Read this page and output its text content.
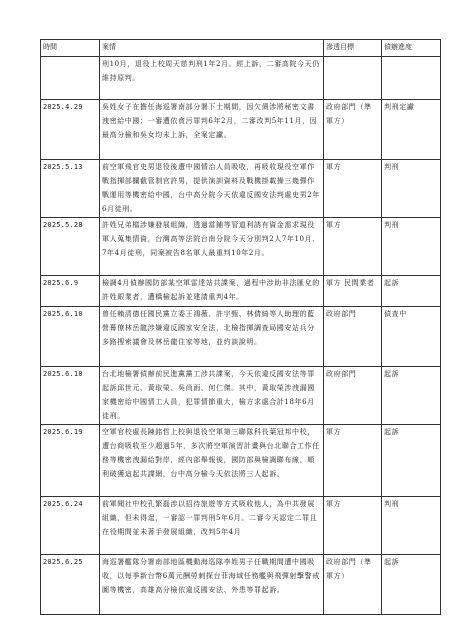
時間	案情	滲透目標	偵辦進度
	刑10月，退役上校周天慈判刑1年2月。經上訴，二審高院今天仍維持原判。		
2025.4.29	吳姓女子在擔任海巡署南部分署下士期間，因欠債涉將秘密文書洩密給中國；一審遭依貪污罪判6年2月，二審改判5年11月，因最高分檢和吳女均未上訴，全案定讞。	政府部門（準軍方）	判刑定讞
2025.5.13	前空軍飛官史男退役後遭中國情治人員吸收，再吸收現役空軍作戰指揮部攔截管制官許男，提供演訓資料及戰機掛載操三幾彈作戰運用等機密給中國，台中高分院今天依違反國安法判處史男2年6月徒刑。	軍方	判刑
2025.5.28	許姓兄弟檔涉嫌發展組織，透過當鋪等管道利誘有資金需求現役軍人蒐集情資，台灣高等法院台南分院今天分別判2人7年10月、7年4月徒刑，同案被告8名軍人最重判10年2月。	軍方	判刑
2025.6.9	檢調4月偵辦國防部某空軍雷達站共諜案，過程中涉助非法匯兌的許姓銀業者，遭橋檢起訴並建請重判4年。	軍方 民間業者	起訴
2025.6.10	曾任賴清德任國民黨立委王鴻薇、許宇甄、林倩綺等人助理的藍營幕僚林岳龍涉嫌違反國家安全法，北檢指揮調查局國安站兵分多路搜索議會及林岳龍住家等地，並約談說明。	政府部門	偵查中
2025.6.10	台北地檢署偵辦前民進黨黨工涉共諜案，今天依違反國安法等罪起訴邱世元、黃取榮、吳尚雨、何仁傑。其中，黃取榮涉洩漏國家機密給中國情工人員，犯罪情節重大，檢方求處合計18年6月徒刑。	政府部門	起訴
2025.6.19	空軍官校處長陳銘哲上校與退役空軍第三聯隊科長葉冠邦中校，遭台商吸收至少超過5年，多次將空軍演習計畫與台北聯合工作任務等機密洩漏給對岸，經內部舉報後，國防部與檢調聯布線，順利破獲這起共諜網，台中高分檢今天依法將三人起訴。	軍方	起訴
2025.6.24	前軍聞社中校孔繁磊涉以招待旅遊等方式吸收他人，為中共發展組織，但未得逞，一審認一罪判刑5年6月。二審今天認定二罪且在役期間並未著手發展組織，改判5年4月	軍方	判刑
2025.6.25	海巡署艦隊分署南部地區機動海巡隊李姓男子任職期間遭中國吸收，以每季新台幣6萬元酬勞刺探台菲海域任務艦與飛彈射擊警戒圖等機密，高雄高分檢依違反國安法、外患等罪起訴。	政府部門（準軍方）	起訴
